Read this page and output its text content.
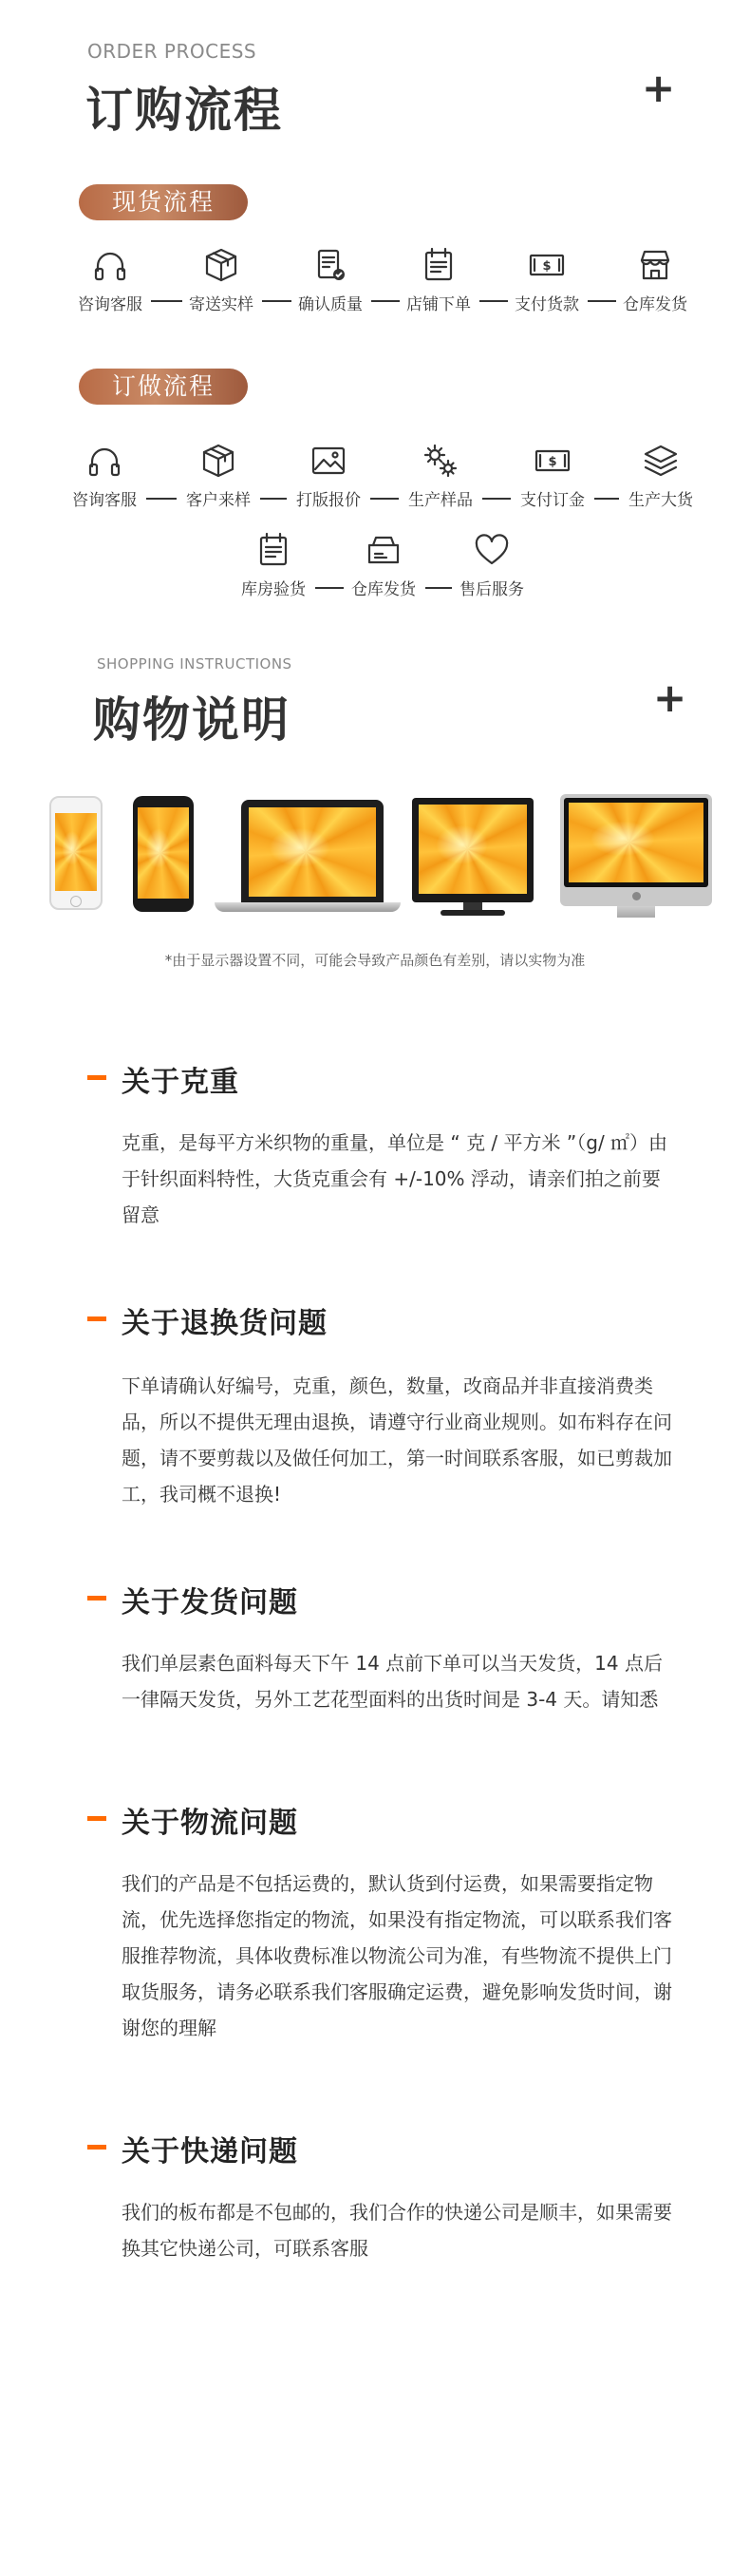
ORDER PROCESS
订购流程	+
现货流程
咨询客服	寄送实样	确认质量	店铺下单
$
支付货款	仓库发货
订做流程
咨询客服	客户来样	打版报价	生产样品
$
支付订金	生产大货
库房验货	仓库发货	售后服务
SHOPPING INSTRUCTIONS
购物说明	+
*由于显示器设置不同，可能会导致产品颜色有差别，请以实物为准
关于克重
克重，是每平方米织物的重量，单位是 “ 克 / 平方米 ”（g/ ㎡）由于针织面料特性，大货克重会有 +/-10% 浮动，请亲们拍之前要留意
关于退换货问题
下单请确认好编号，克重，颜色，数量，改商品并非直接消费类品，所以不提供无理由退换，请遵守行业商业规则。如布料存在问题，请不要剪裁以及做任何加工，第一时间联系客服，如已剪裁加工，我司概不退换!
关于发货问题
我们单层素色面料每天下午 14 点前下单可以当天发货，14 点后一律隔天发货，另外工艺花型面料的出货时间是 3-4 天。请知悉
关于物流问题
我们的产品是不包括运费的，默认货到付运费，如果需要指定物流，优先选择您指定的物流，如果没有指定物流，可以联系我们客服推荐物流，具体收费标准以物流公司为准，有些物流不提供上门取货服务，请务必联系我们客服确定运费，避免影响发货时间，谢谢您的理解
关于快递问题
我们的板布都是不包邮的，我们合作的快递公司是顺丰，如果需要换其它快递公司，可联系客服
